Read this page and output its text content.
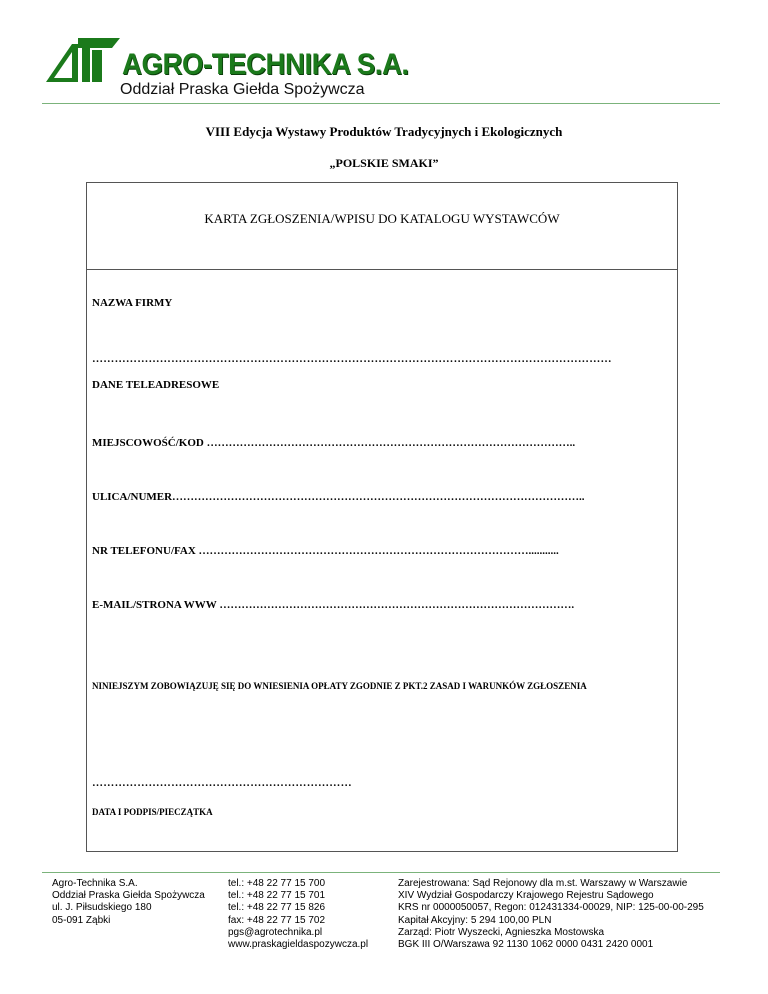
AGRO-TECHNIKA S.A.
Oddział Praska Giełda Spożywcza
VIII Edycja Wystawy Produktów Tradycyjnych i Ekologicznych
„POLSKIE SMAKI”
KARTA ZGŁOSZENIA/WPISU DO KATALOGU WYSTAWCÓW
NAZWA FIRMY
…………………………………………………………………………………………………………………………
DANE TELEADRESOWE
MIEJSCOWOŚĆ/KOD ………………………………………………………………………………………..
ULICA/NUMER…………………………………………………………………………………………………..
NR TELEFONU/FAX ………………………………………………………………………………...........
E-MAIL/STRONA WWW …………………………………………………………………………………….
NINIEJSZYM ZOBOWIĄZUJĘ SIĘ DO WNIESIENIA OPŁATY ZGODNIE Z PKT.2 ZASAD I WARUNKÓW ZGŁOSZENIA
……………………………………………………………
DATA I PODPIS/PIECZĄTKA
Agro-Technika S.A.
Oddział Praska Giełda Spożywcza
ul. J. Piłsudskiego 180
05-091 Ząbki
tel.: +48 22 77 15 700
tel.: +48 22 77 15 701
tel.: +48 22 77 15 826
fax: +48 22 77 15 702
pgs@agrotechnika.pl
www.praskagieldaspozywcza.pl
Zarejestrowana: Sąd Rejonowy dla m.st. Warszawy w Warszawie
XIV Wydział Gospodarczy Krajowego Rejestru Sądowego
KRS nr 0000050057, Regon: 012431334-00029, NIP: 125-00-00-295
Kapitał Akcyjny: 5 294 100,00 PLN
Zarząd: Piotr Wyszecki, Agnieszka Mostowska
BGK III O/Warszawa 92 1130 1062 0000 0431 2420 0001
